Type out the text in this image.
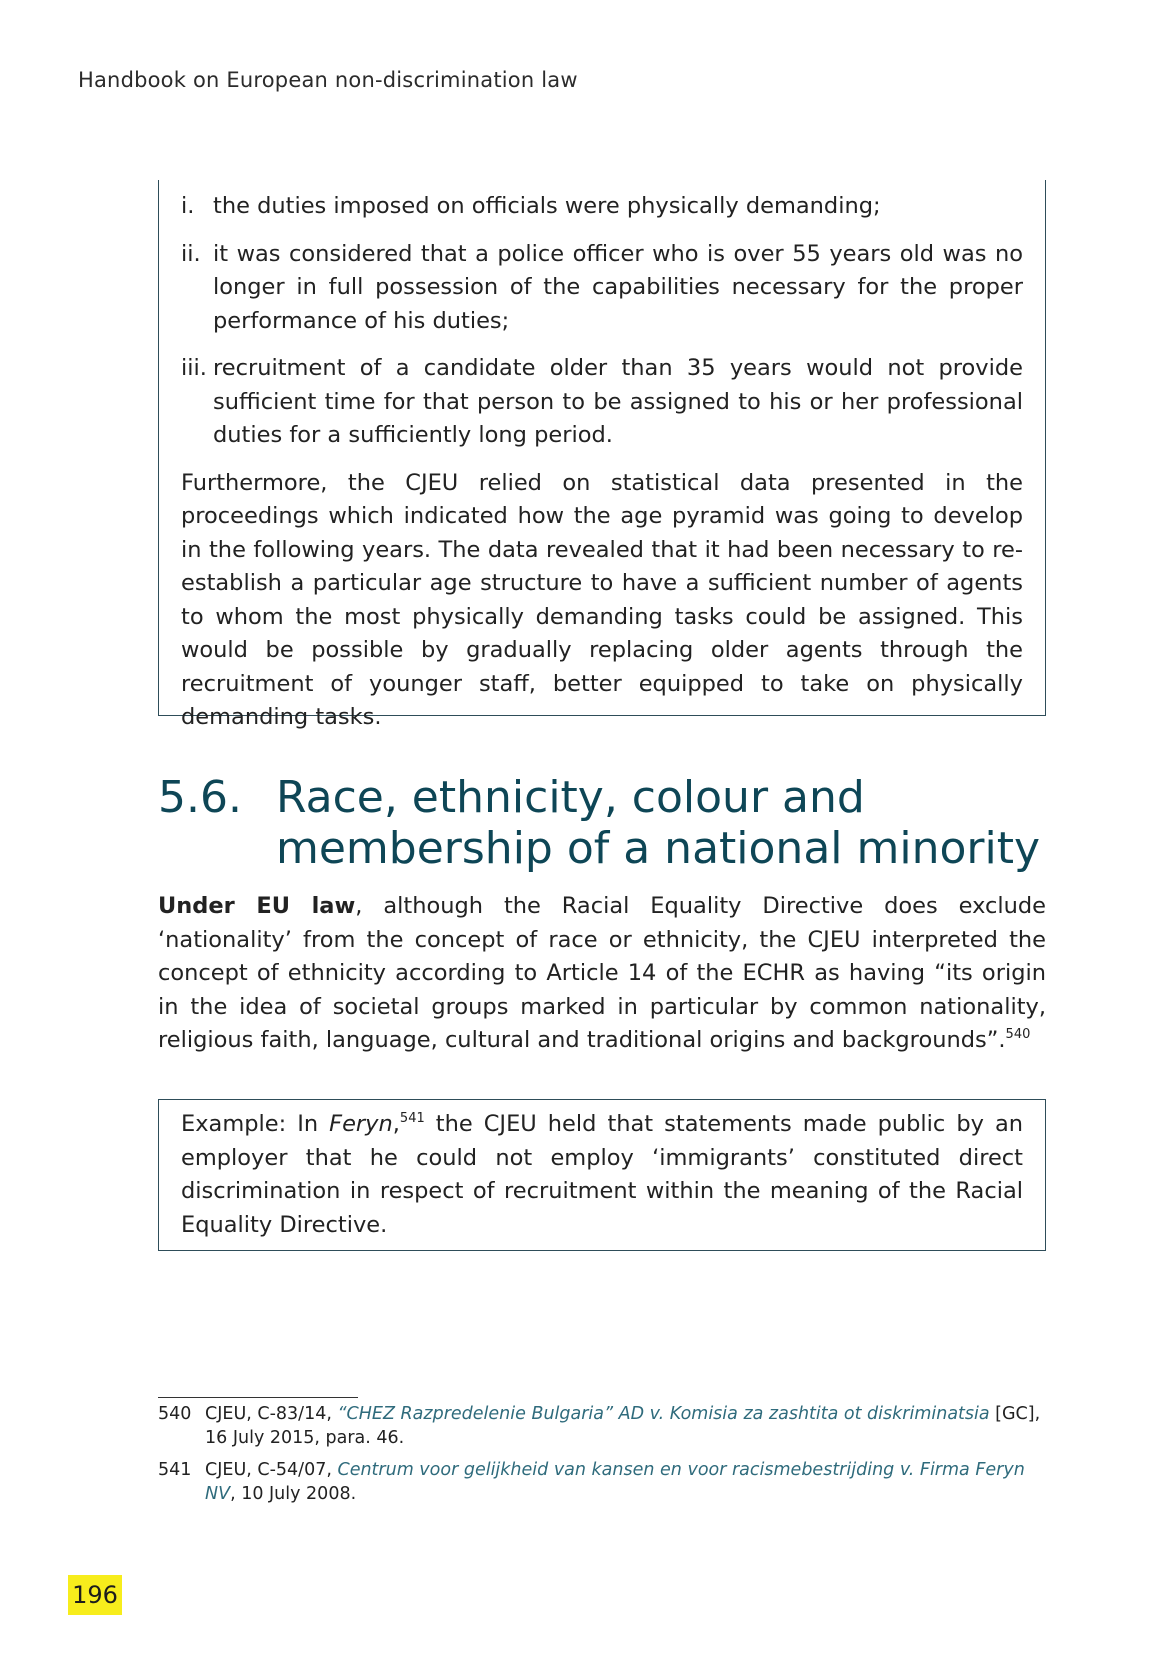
Handbook on European non-discrimination law
i. the duties imposed on officials were physically demanding;
ii. it was considered that a police officer who is over 55 years old was no longer in full possession of the capabilities necessary for the proper performance of his duties;
iii. recruitment of a candidate older than 35 years would not provide sufficient time for that person to be assigned to his or her professional duties for a sufficiently long period.
Furthermore, the CJEU relied on statistical data presented in the proceedings which indicated how the age pyramid was going to develop in the following years. The data revealed that it had been necessary to re-establish a particular age structure to have a sufficient number of agents to whom the most physically demanding tasks could be assigned. This would be possible by gradually replacing older agents through the recruitment of younger staff, better equipped to take on physically demanding tasks.
5.6. Race, ethnicity, colour and
membership of a national minority
Under EU law, although the Racial Equality Directive does exclude ‘nationality’ from the concept of race or ethnicity, the CJEU interpreted the concept of ethnicity according to Article 14 of the ECHR as having “its origin in the idea of societal groups marked in particular by common nationality, religious faith, language, cultural and traditional origins and backgrounds”.$^{540}$
Example: In Feryn,$^{541}$ the CJEU held that statements made public by an employer that he could not employ ‘immigrants’ constituted direct discrimination in respect of recruitment within the meaning of the Racial Equality Directive.
540 CJEU, C-83/14, “CHEZ Razpredelenie Bulgaria” AD v. Komisia za zashtita ot diskriminatsia [GC], 16 July 2015, para. 46.
541 CJEU, C-54/07, Centrum voor gelijkheid van kansen en voor racismebestrijding v. Firma Feryn NV, 10 July 2008.
196
